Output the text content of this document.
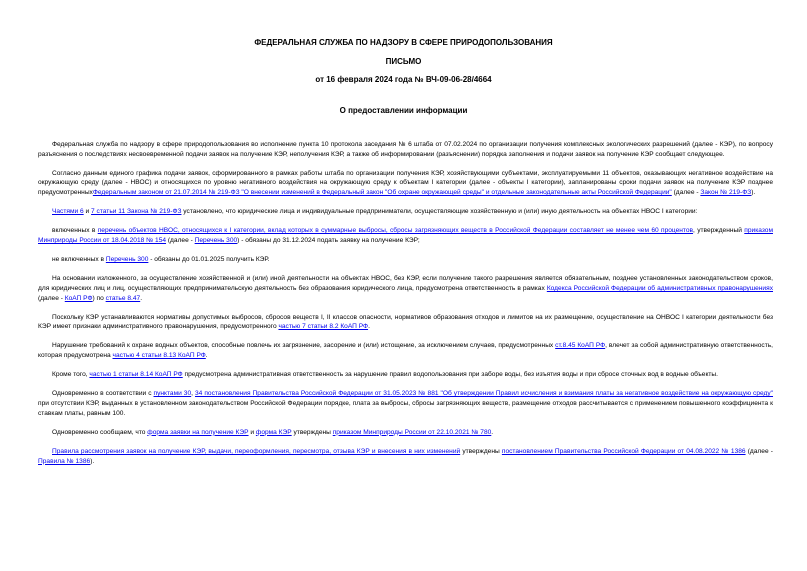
ФЕДЕРАЛЬНАЯ СЛУЖБА ПО НАДЗОРУ В СФЕРЕ ПРИРОДОПОЛЬЗОВАНИЯ
ПИСЬМО
от 16 февраля 2024 года № ВЧ-09-06-28/4664
О предоставлении информации

Федеральная служба по надзору в сфере природопользования во исполнение пункта 10 протокола заседания № 6 штаба от 07.02.2024 по организации получения комплексных экологических разрешений (далее - КЭР), по вопросу разъяснения о последствиях несвоевременной подачи заявок на получение КЭР, неполучения КЭР, а также об информировании (разъяснении) порядка заполнения и подачи заявок на получение КЭР сообщает следующее.

Согласно данным единого графика подачи заявок, сформированного в рамках работы штаба по организации получения КЭР, хозяйствующими субъектами, эксплуатируемыми 11 объектов, оказывающих негативное воздействие на окружающую среду (далее - НВОС) и относящихся по уровню негативного воздействия на окружающую среду к объектам I категории (далее - объекты I категории), запланированы сроки подачи заявок на получение КЭР позднее предусмотренныхФедеральным законом от 21.07.2014 № 219-ФЗ "О внесении изменений в Федеральный закон "Об охране окружающей среды" и отдельные законодательные акты Российской Федерации" (далее - Закон № 219-ФЗ).

Частями 6 и 7 статьи 11 Закона № 219-ФЗ установлено, что юридические лица и индивидуальные предприниматели, осуществляющие хозяйственную и (или) иную деятельность на объектах НВОС I категории:

включенных в перечень объектов НВОС, относящихся к I категории, вклад которых в суммарные выбросы, сбросы загрязняющих веществ в Российской Федерации составляет не менее чем 60 процентов, утвержденный приказом Минприроды России от 18.04.2018 № 154 (далее - Перечень 300) - обязаны до 31.12.2024 подать заявку на получение КЭР;

не включенных в Перечень 300 - обязаны до 01.01.2025 получить КЭР.

На основании изложенного, за осуществление хозяйственной и (или) иной деятельности на объектах НВОС, без КЭР, если получение такого разрешения является обязательным, позднее установленных законодательством сроков, для юридических лиц и лиц, осуществляющих предпринимательскую деятельность без образования юридического лица, предусмотрена ответственность в рамках Кодекса Российской Федерации об административных правонарушениях (далее - КоАП РФ) по статье 8.47.

Поскольку КЭР устанавливаются нормативы допустимых выбросов, сбросов веществ I, II классов опасности, нормативов образования отходов и лимитов на их размещение, осуществление на ОНВОС I категории деятельности без КЭР имеет признаки административного правонарушения, предусмотренного частью 7 статьи 8.2 КоАП РФ.

Нарушение требований к охране водных объектов, способные повлечь их загрязнение, засорение и (или) истощение, за исключением случаев, предусмотренных ст.8.45 КоАП РФ, влечет за собой административную ответственность, которая предусмотрена частью 4 статьи 8.13 КоАП РФ.

Кроме того, частью 1 статьи 8.14 КоАП РФ предусмотрена административная ответственность за нарушение правил водопользования при заборе воды, без изъятия воды и при сбросе сточных вод в водные объекты.

Одновременно в соответствии с пунктами 30, 34 постановления Правительства Российской Федерации от 31.05.2023 № 881 "Об утверждении Правил исчисления и взимания платы за негативное воздействие на окружающую среду" при отсутствии КЭР, выданных в установленном законодательством Российской Федерации порядке, плата за выбросы, сбросы загрязняющих веществ, размещение отходов рассчитывается с применением повышенного коэффициента к ставкам платы, равным 100.

Одновременно сообщаем, что форма заявки на получение КЭР и форма КЭР утверждены приказом Минприроды России от 22.10.2021 № 780.

Правила рассмотрения заявок на получение КЭР, выдачи, переоформления, пересмотра, отзыва КЭР и внесения в них изменений утверждены постановлением Правительства Российской Федерации от 04.08.2022 № 1386 (далее - Правила № 1386).
